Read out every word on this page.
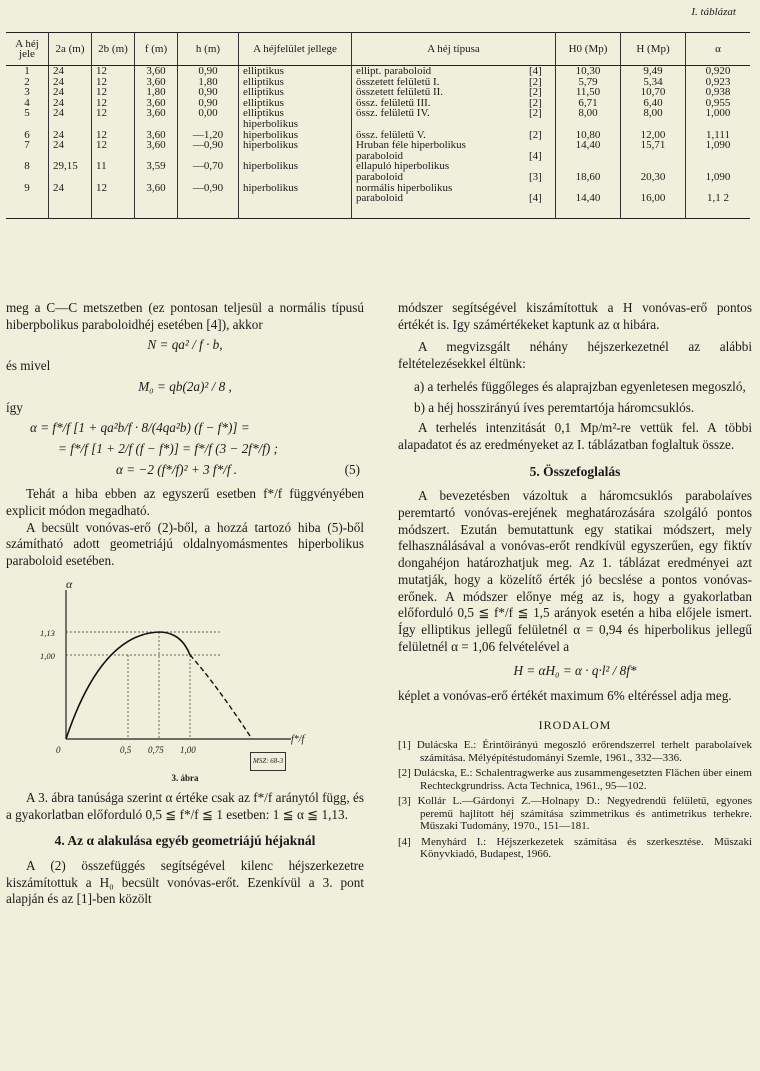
I. táblázat
A héj jele	2a (m)	2b (m)	f (m)	h (m)	A héjfelület jellege	A héj típusa		H0 (Mp)	H (Mp)	α
1	24	12	3,60	0,90	elliptikus	ellipt. paraboloid	[4]	10,30	9,49	0,920
2	24	12	3,60	1,80	elliptikus	összetett felületű I.	[2]	5,79	5,34	0,923
3	24	12	1,80	0,90	elliptikus	összetett felületű II.	[2]	11,50	10,70	0,938
4	24	12	3,60	0,90	elliptikus	össz. felületű III.	[2]	6,71	6,40	0,955
5	24	12	3,60	0,00	elliptikus	össz. felületű IV.	[2]	8,00	8,00	1,000
					hiperbolikus					
6	24	12	3,60	—1,20	hiperbolikus	össz. felületű V.	[2]	10,80	12,00	1,111
7	24	12	3,60	—0,90	hiperbolikus	Hruban féle hiperbolikus		14,40	15,71	1,090
						paraboloid	[4]			
8	29,15	11	3,59	—0,70	hiperbolikus	ellapuló hiperbolikus				
						paraboloid	[3]	18,60	20,30	1,090
9	24	12	3,60	—0,90	hiperbolikus	normális hiperbolikus				
						paraboloid	[4]	14,40	16,00	1,1 2

meg a C—C metszetben (ez pontosan teljesül a normális típusú hiberpbolikus paraboloidhéj esetében [4]), akkor

N = qa² / f · b,

és mivel

M₀ = qb(2a)² / 8 ,

így

α = f*/f [1 + qa²b/f · 8/(4qa²b) (f − f*)] =
= f*/f [1 + 2/f (f − f*)] = f*/f (3 − 2f*/f) ;
α = −2 (f*/f)² + 3 f*/f .	(5)

Tehát a hiba ebben az egyszerű esetben f*/f függvényében explicit módon megadható.

A becsült vonóvas-erő (2)-ből, a hozzá tartozó hiba (5)-ből számítható adott geometriájú oldalnyomásmentes hiperbolikus paraboloid esetében.

α
1,13
1,00
0	0,5 0,75 1,00
f*/f
MSZ: 68-3
3. ábra

A 3. ábra tanúsága szerint α értéke csak az f*/f aránytól függ, és a gyakorlatban előforduló 0,5 ≦ f*/f ≦ 1 esetben: 1 ≦ α ≦ 1,13.

4. Az α alakulása egyéb geometriájú héjaknál

A (2) összefüggés segítségével kilenc héjszerkezetre kiszámítottuk a H₀ becsült vonóvas-erőt. Ezenkívül a 3. pont alapján és az [1]-ben közölt

módszer segítségével kiszámítottuk a H vonóvas-erő pontos értékét is. Igy számértékeket kaptunk az α hibára.

A megvizsgált néhány héjszerkezetnél az alábbi feltételezésekkel éltünk:

a) a terhelés függőleges és alaprajzban egyenletesen megoszló,

b) a héj hosszirányú íves peremtartója háromcsuklós.

A terhelés intenzitását 0,1 Mp/m²-re vettük fel. A többi alapadatot és az eredményeket az I. táblázatban foglaltuk össze.

5. Összefoglalás

A bevezetésben vázoltuk a háromcsuklós parabolaíves peremtartó vonóvas-erejének meghatározására szolgáló pontos módszert. Ezután bemutattunk egy statikai módszert, mely felhasználásával a vonóvas-erőt rendkívül egyszerűen, egy fiktív dongahéjon határozhatjuk meg. Az 1. táblázat eredményei azt mutatják, hogy a közelítő érték jó becslése a pontos vonóvas-erőnek. A módszer előnye még az is, hogy a gyakorlatban előforduló 0,5 ≦ f*/f ≦ 1,5 arányok esetén a hiba előjele ismert. Így elliptikus jellegű felületnél α = 0,94 és hiperbolikus jellegű felületnél α = 1,06 felvételével a

H = αH₀ = α · q·l² / 8f*

képlet a vonóvas-erő értékét maximum 6% eltéréssel adja meg.

IRODALOM
[1] Dulácska E.: Érintőirányú megoszló erőrendszerrel terhelt parabolaívek számítása. Mélyépítéstudományi Szemle, 1961., 332—336.
[2] Dulácska, E.: Schalentragwerke aus zusammengesetzten Flächen über einem Rechteckgrundriss. Acta Technica, 1961., 95—102.
[3] Kollár L.—Gárdonyi Z.—Holnapy D.: Negyedrendű felületű, egyones peremű hajlított héj számítása szimmetrikus és antimetrikus terhekre. Műszaki Tudomány, 1970., 151—181.
[4] Menyhárd I.: Héjszerkezetek számítása és szerkesztése. Műszaki Könyvkiadó, Budapest, 1966.
